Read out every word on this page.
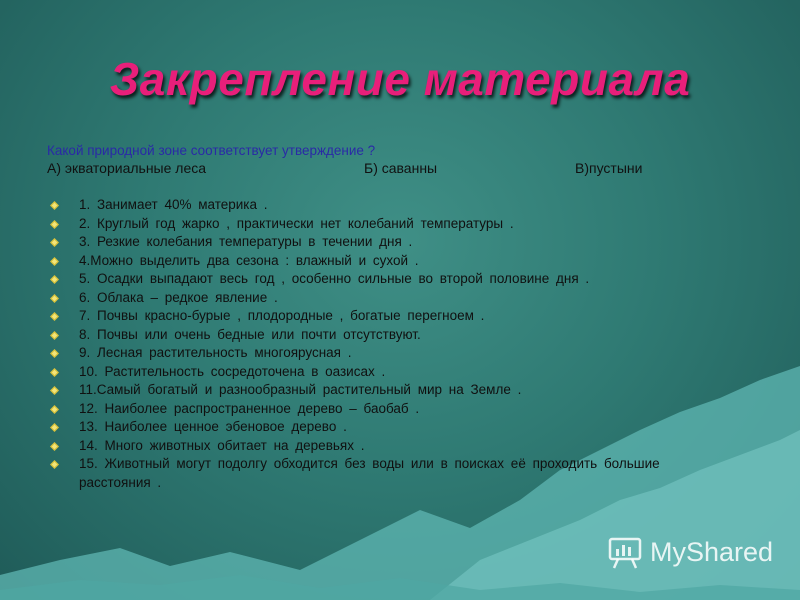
Закрепление материала
Какой природной зоне соответствует утверждение ?
А) экваториальные леса	Б) саванны	В)пустыни
1. Занимает 40% материка .
2. Круглый год жарко , практически нет колебаний температуры .
3. Резкие колебания температуры в течении дня .
4.Можно выделить два сезона : влажный и сухой .
5. Осадки выпадают весь год , особенно сильные во второй половине дня .
6. Облака – редкое явление .
7. Почвы красно-бурые , плодородные , богатые перегноем .
8. Почвы или очень бедные или почти отсутствуют.
9. Лесная растительность многоярусная .
10. Растительность сосредоточена в оазисах .
11.Самый богатый и разнообразный растительный мир на Земле .
12. Наиболее распространенное дерево – баобаб .
13. Наиболее ценное эбеновое дерево .
14. Много животных обитает на деревьях .
15. Животный могут подолгу обходится без воды или в поисках её проходить большие расстояния .
MyShared
